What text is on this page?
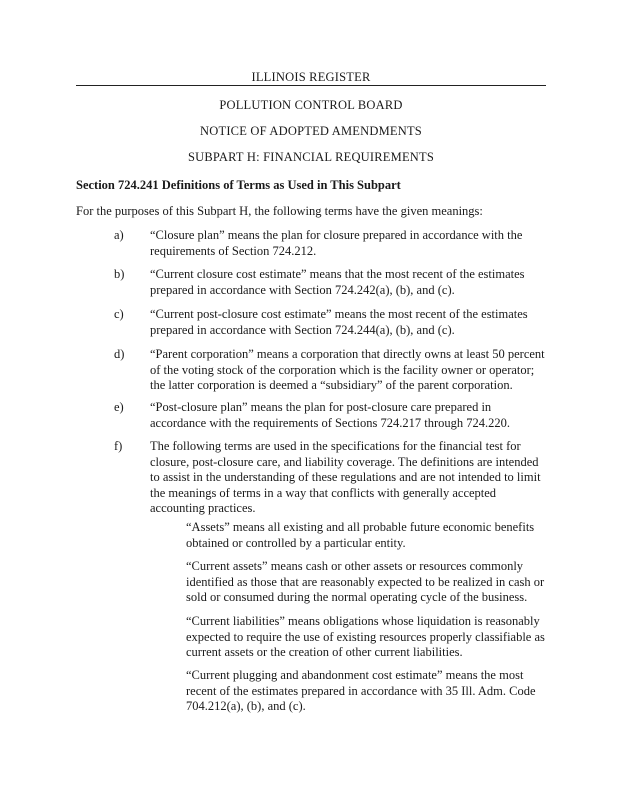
ILLINOIS REGISTER
POLLUTION CONTROL BOARD
NOTICE OF ADOPTED AMENDMENTS
SUBPART H: FINANCIAL REQUIREMENTS
Section 724.241 Definitions of Terms as Used in This Subpart
For the purposes of this Subpart H, the following terms have the given meanings:
a) “Closure plan” means the plan for closure prepared in accordance with the requirements of Section 724.212.
b) “Current closure cost estimate” means that the most recent of the estimates prepared in accordance with Section 724.242(a), (b), and (c).
c) “Current post-closure cost estimate” means the most recent of the estimates prepared in accordance with Section 724.244(a), (b), and (c).
d) “Parent corporation” means a corporation that directly owns at least 50 percent of the voting stock of the corporation which is the facility owner or operator; the latter corporation is deemed a “subsidiary” of the parent corporation.
e) “Post-closure plan” means the plan for post-closure care prepared in accordance with the requirements of Sections 724.217 through 724.220.
f) The following terms are used in the specifications for the financial test for closure, post-closure care, and liability coverage. The definitions are intended to assist in the understanding of these regulations and are not intended to limit the meanings of terms in a way that conflicts with generally accepted accounting practices.
“Assets” means all existing and all probable future economic benefits obtained or controlled by a particular entity.
“Current assets” means cash or other assets or resources commonly identified as those that are reasonably expected to be realized in cash or sold or consumed during the normal operating cycle of the business.
“Current liabilities” means obligations whose liquidation is reasonably expected to require the use of existing resources properly classifiable as current assets or the creation of other current liabilities.
“Current plugging and abandonment cost estimate” means the most recent of the estimates prepared in accordance with 35 Ill. Adm. Code 704.212(a), (b), and (c).
